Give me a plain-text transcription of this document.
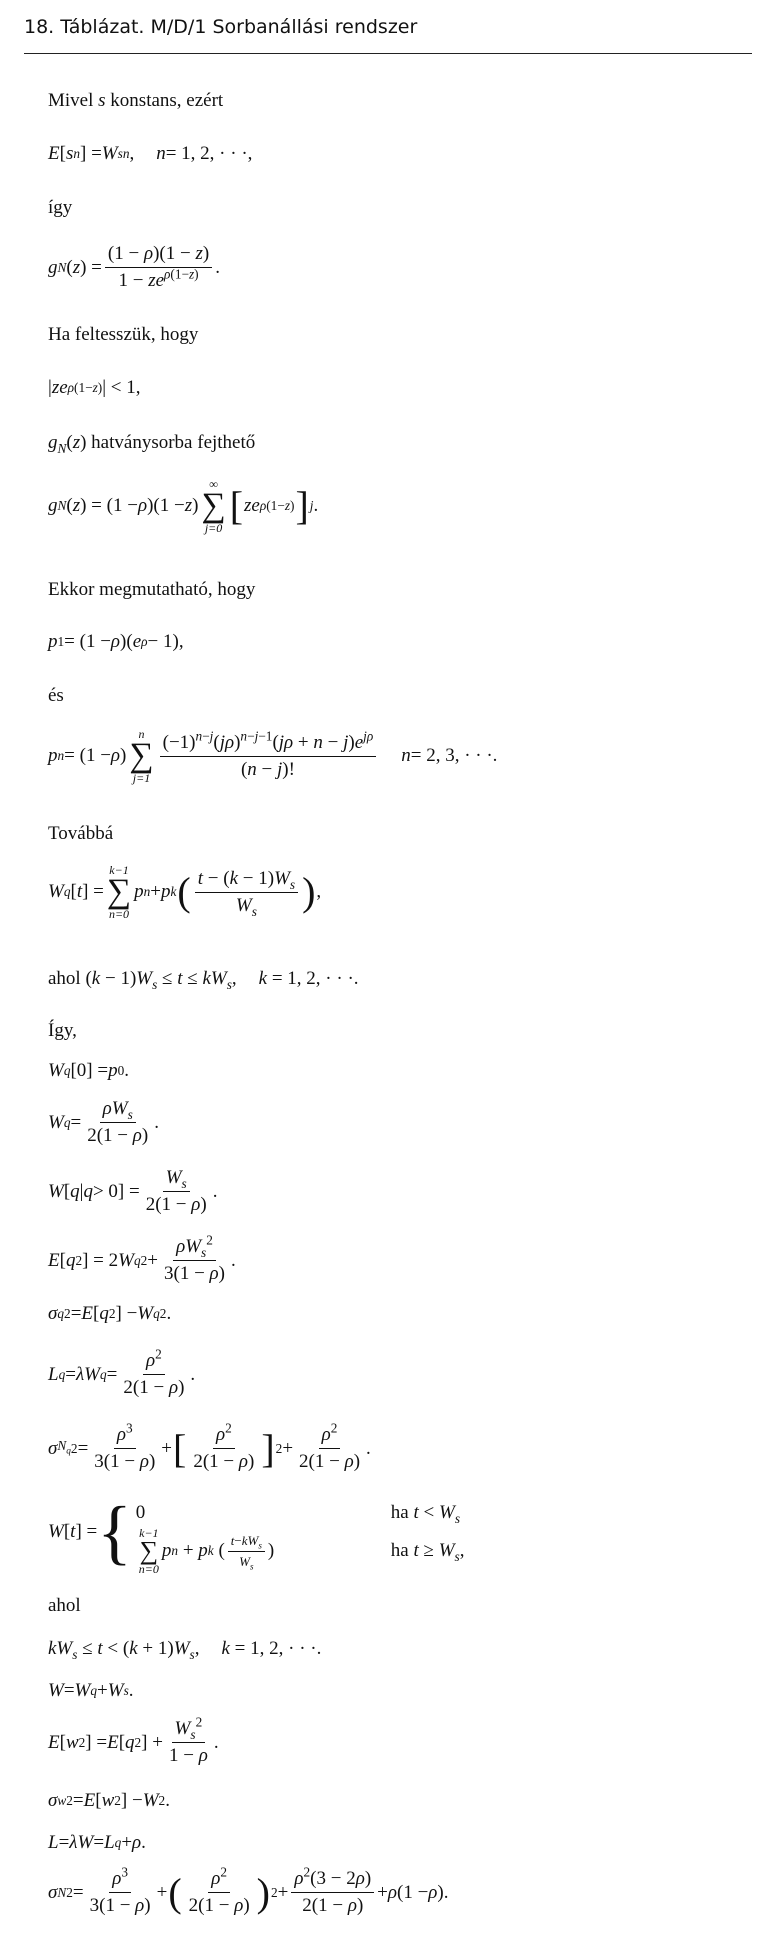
18. Táblázat. M/D/1 Sorbanállási rendszer
Mivel s konstans, ezért
E [ s n ] = W s n , n = 1, 2, · · ·,
így
g N ( z ) = $\frac{(1 - \rho)(1 - z)}{1 - ze^{\rho(1-z)}}$ .
Ha feltesszük, hogy
| ze ρ(1−z) | < 1,
$g_N(z)$ hatványsorba fejthető
g N ( z ) = (1 − ρ )(1 − z )
∞
∑
j=0 [ ze ρ(1−z) ] j .
Ekkor megmutatható, hogy
p 1 = (1 − ρ )( e ρ − 1),
és
p n = (1 − ρ )
n
∑
$j=1 \frac{(-1)^{n-j}(j\rho)^{n-j-1}(j\rho + n - j)e^{j\rho}}{(n - j)!}$ n = 2, 3, · · ·.
Továbbá
W q [ t ] =
k−1
∑
n=0
p n + p k ( $\frac{t - (k - 1)W_s}{W_s}$ ) ,
ahol $(k - 1)W_s \le t \le kW_s$, k = 1, 2, · · ·.
Így,
W q [0] = p 0 .
W $q = \frac{\rho W_s}{2(1 - \rho)}$ .
W [ q | $q > 0] = \frac{W_s}{2(1 - \rho)}$ .
E [ q 2 ] = 2 W q $2 + \frac{\rho W_s^2}{3(1 - \rho)}$ .
σ q 2 = E [ q 2 ] − W q 2 .
L q = λW $q = \frac{\rho^2}{2(1 - \rho)}$ .
σ $N_q$ $2 = \frac{\rho^3}{3(1 - \rho)}$ + [ $\frac{\rho^2}{2(1 - \rho)}$ ] $2 + \frac{\rho^2}{2(1 - \rho)}$ .
W [ t ] = { 0	ha $t < W_s$
k−1
∑
n=0
p n + p k ( $\frac{t-kW_s}{W_s}$ )	ha $t \ge W_s$,
ahol
$kW_s \le t < (k + 1)W_s$, k = 1, 2, · · ·.
W = W q + W s .
E [ w 2 ] = E [ q 2 ] + $\frac{W_s^2}{1 - \rho}$ .
σ w 2 = E [ w 2 ] − W 2 .
L = λW = L q + ρ .
σ N $2 = \frac{\rho^3}{3(1 - \rho)}$ + ( $\frac{\rho^2}{2(1 - \rho)}$ ) $2 + \frac{\rho^2(3 - 2\rho)}{2(1 - \rho)} + \rho$ (1 − ρ ).
